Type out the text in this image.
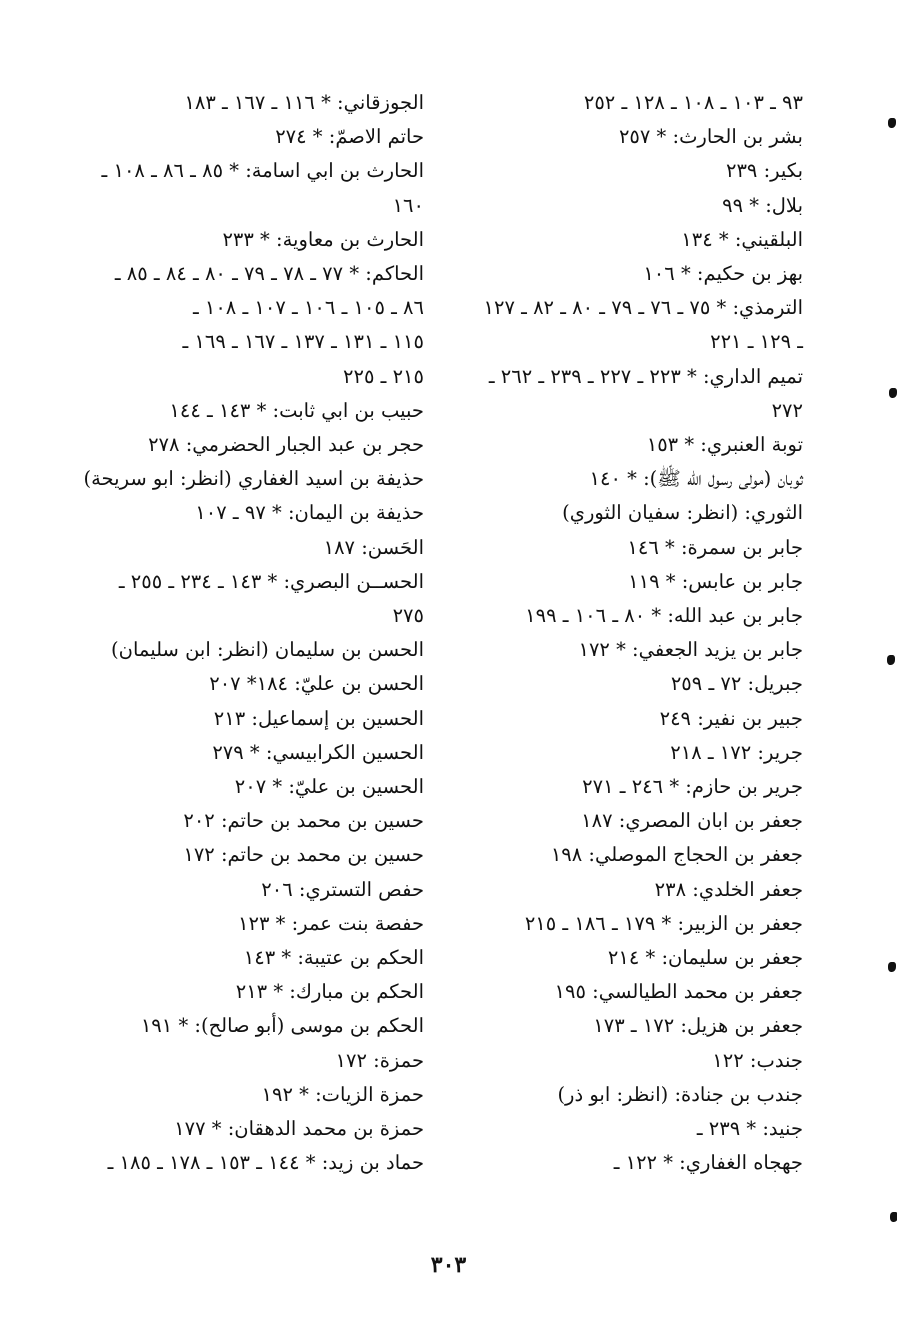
٩٣ ـ ١٠٣ ـ ١٠٨ ـ ١٢٨ ـ ٢٥٢
بشر بن الحارث: * ٢٥٧
بكير: ٢٣٩
بلال: * ٩٩
البلقيني: * ١٣٤
بهز بن حكيم: * ١٠٦
الترمذي: * ٧٥ ـ ٧٦ ـ ٧٩ ـ ٨٠ ـ ٨٢ ـ ١٢٧
ـ ١٢٩ ـ ٢٢١
تميم الداري: * ٢٢٣ ـ ٢٢٧ ـ ٢٣٩ ـ ٢٦٢ ـ
٢٧٢
توبة العنبري: * ١٥٣
ثوبان (مولى رسول الله ﷺ): * ١٤٠
الثوري: (انظر: سفيان الثوري)
جابر بن سمرة: * ١٤٦
جابر بن عابس: * ١١٩
جابر بن عبد الله: * ٨٠ ـ ١٠٦ ـ ١٩٩
جابر بن يزيد الجعفي: * ١٧٢
جبريل: ٧٢ ـ ٢٥٩
جبير بن نفير: ٢٤٩
جرير: ١٧٢ ـ ٢١٨
جرير بن حازم: * ٢٤٦ ـ ٢٧١
جعفر بن ابان المصري: ١٨٧
جعفر بن الحجاج الموصلي: ١٩٨
جعفر الخلدي: ٢٣٨
جعفر بن الزبير: * ١٧٩ ـ ١٨٦ ـ ٢١٥
جعفر بن سليمان: * ٢١٤
جعفر بن محمد الطيالسي: ١٩٥
جعفر بن هزيل: ١٧٢ ـ ١٧٣
جندب: ١٢٢
جندب بن جنادة: (انظر: ابو ذر)
جنيد: * ٢٣٩ ـ
جهجاه الغفاري: * ١٢٢ ـ
الجوزقاني: * ١١٦ ـ ١٦٧ ـ ١٨٣
حاتم الاصمّ: * ٢٧٤
الحارث بن ابي اسامة: * ٨٥ ـ ٨٦ ـ ١٠٨ ـ
١٦٠
الحارث بن معاوية: * ٢٣٣
الحاكم: * ٧٧ ـ ٧٨ ـ ٧٩ ـ ٨٠ ـ ٨٤ ـ ٨٥ ـ
٨٦ ـ ١٠٥ ـ ١٠٦ ـ ١٠٧ ـ ١٠٨ ـ
١١٥ ـ ١٣١ ـ ١٣٧ ـ ١٦٧ ـ ١٦٩ ـ
٢١٥ ـ ٢٢٥
حبيب بن ابي ثابت: * ١٤٣ ـ ١٤٤
حجر بن عبد الجبار الحضرمي: ٢٧٨
حذيفة بن اسيد الغفاري (انظر: ابو سريحة)
حذيفة بن اليمان: * ٩٧ ـ ١٠٧
الحَسن: ١٨٧
الحســن البصري: * ١٤٣ ـ ٢٣٤ ـ ٢٥٥ ـ
٢٧٥
الحسن بن سليمان (انظر: ابن سليمان)
الحسن بن عليّ: ١٨٤* ٢٠٧
الحسين بن إسماعيل: ٢١٣
الحسين الكرابيسي: * ٢٧٩
الحسين بن عليّ: * ٢٠٧
حسين بن محمد بن حاتم: ٢٠٢
حسين بن محمد بن حاتم: ١٧٢
حفص التستري: ٢٠٦
حفصة بنت عمر: * ١٢٣
الحكم بن عتيبة: * ١٤٣
الحكم بن مبارك: * ٢١٣
الحكم بن موسى (أبو صالح): * ١٩١
حمزة: ١٧٢
حمزة الزيات: * ١٩٢
حمزة بن محمد الدهقان: * ١٧٧
حماد بن زيد: * ١٤٤ ـ ١٥٣ ـ ١٧٨ ـ ١٨٥ ـ
٣٠٣
